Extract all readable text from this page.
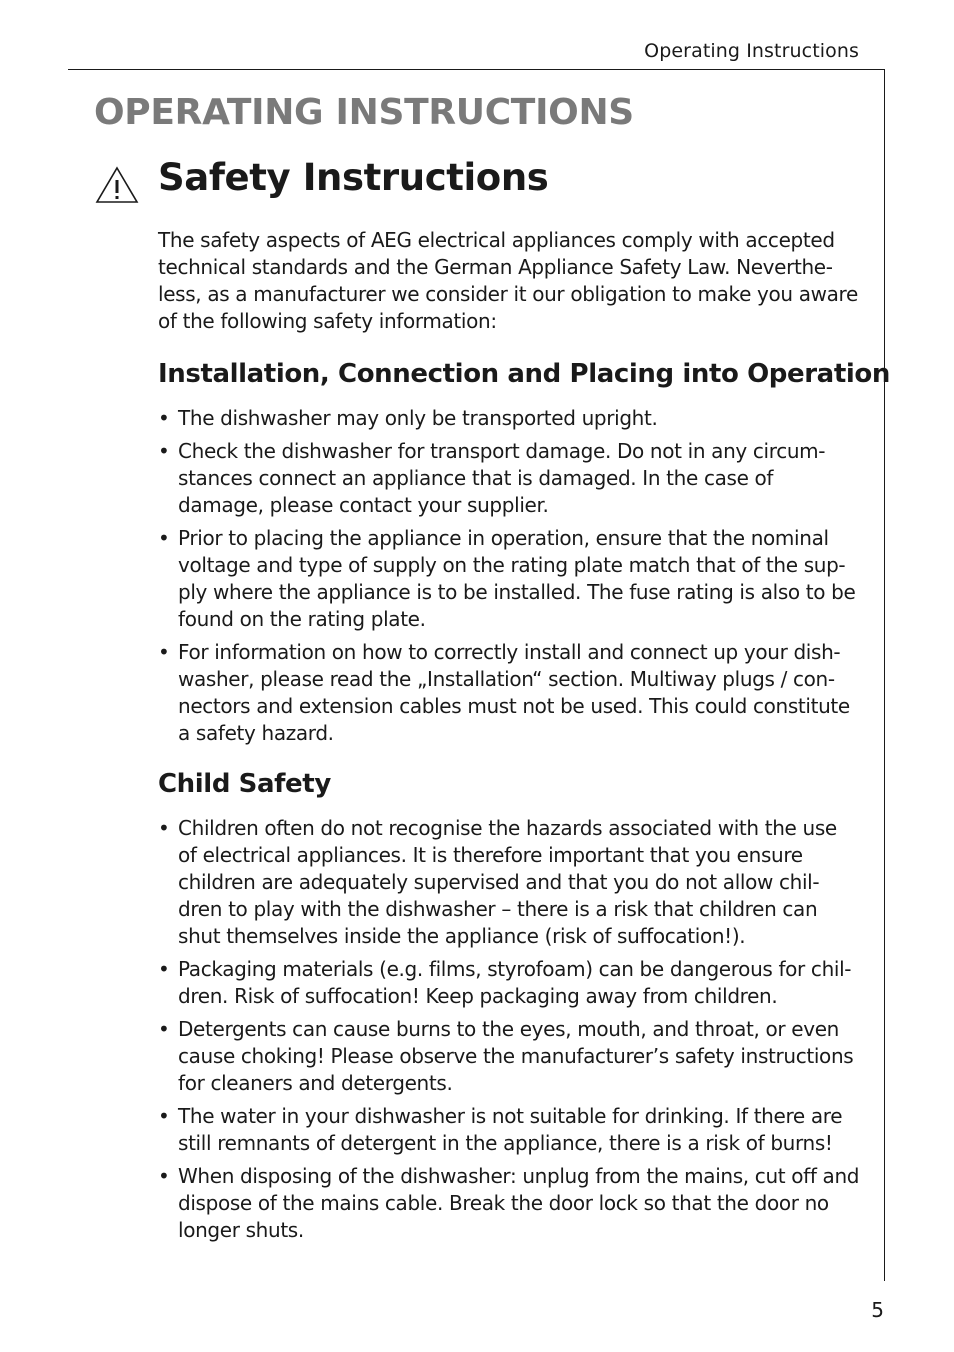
Operating Instructions
OPERATING INSTRUCTIONS
Safety Instructions

The safety aspects of AEG electrical appliances comply with accepted technical standards and the German Appliance Safety Law. Neverthe-less, as a manufacturer we consider it our obligation to make you aware of the following safety information:

Installation, Connection and Placing into Operation
• The dishwasher may only be transported upright.
• Check the dishwasher for transport damage. Do not in any circum-stances connect an appliance that is damaged. In the case of damage, please contact your supplier.
• Prior to placing the appliance in operation, ensure that the nominal voltage and type of supply on the rating plate match that of the sup-ply where the appliance is to be installed. The fuse rating is also to be found on the rating plate.
• For information on how to correctly install and connect up your dish-washer, please read the „Installation“ section. Multiway plugs / con-nectors and extension cables must not be used. This could constitute a safety hazard.
Child Safety
• Children often do not recognise the hazards associated with the use of electrical appliances. It is therefore important that you ensure children are adequately supervised and that you do not allow chil-dren to play with the dishwasher – there is a risk that children can shut themselves inside the appliance (risk of suffocation!).
• Packaging materials (e.g. films, styrofoam) can be dangerous for chil-dren. Risk of suffocation! Keep packaging away from children.
• Detergents can cause burns to the eyes, mouth, and throat, or even cause choking! Please observe the manufacturer’s safety instructions for cleaners and detergents.
• The water in your dishwasher is not suitable for drinking. If there are still remnants of detergent in the appliance, there is a risk of burns!
• When disposing of the dishwasher: unplug from the mains, cut off and dispose of the mains cable. Break the door lock so that the door no longer shuts.
5
